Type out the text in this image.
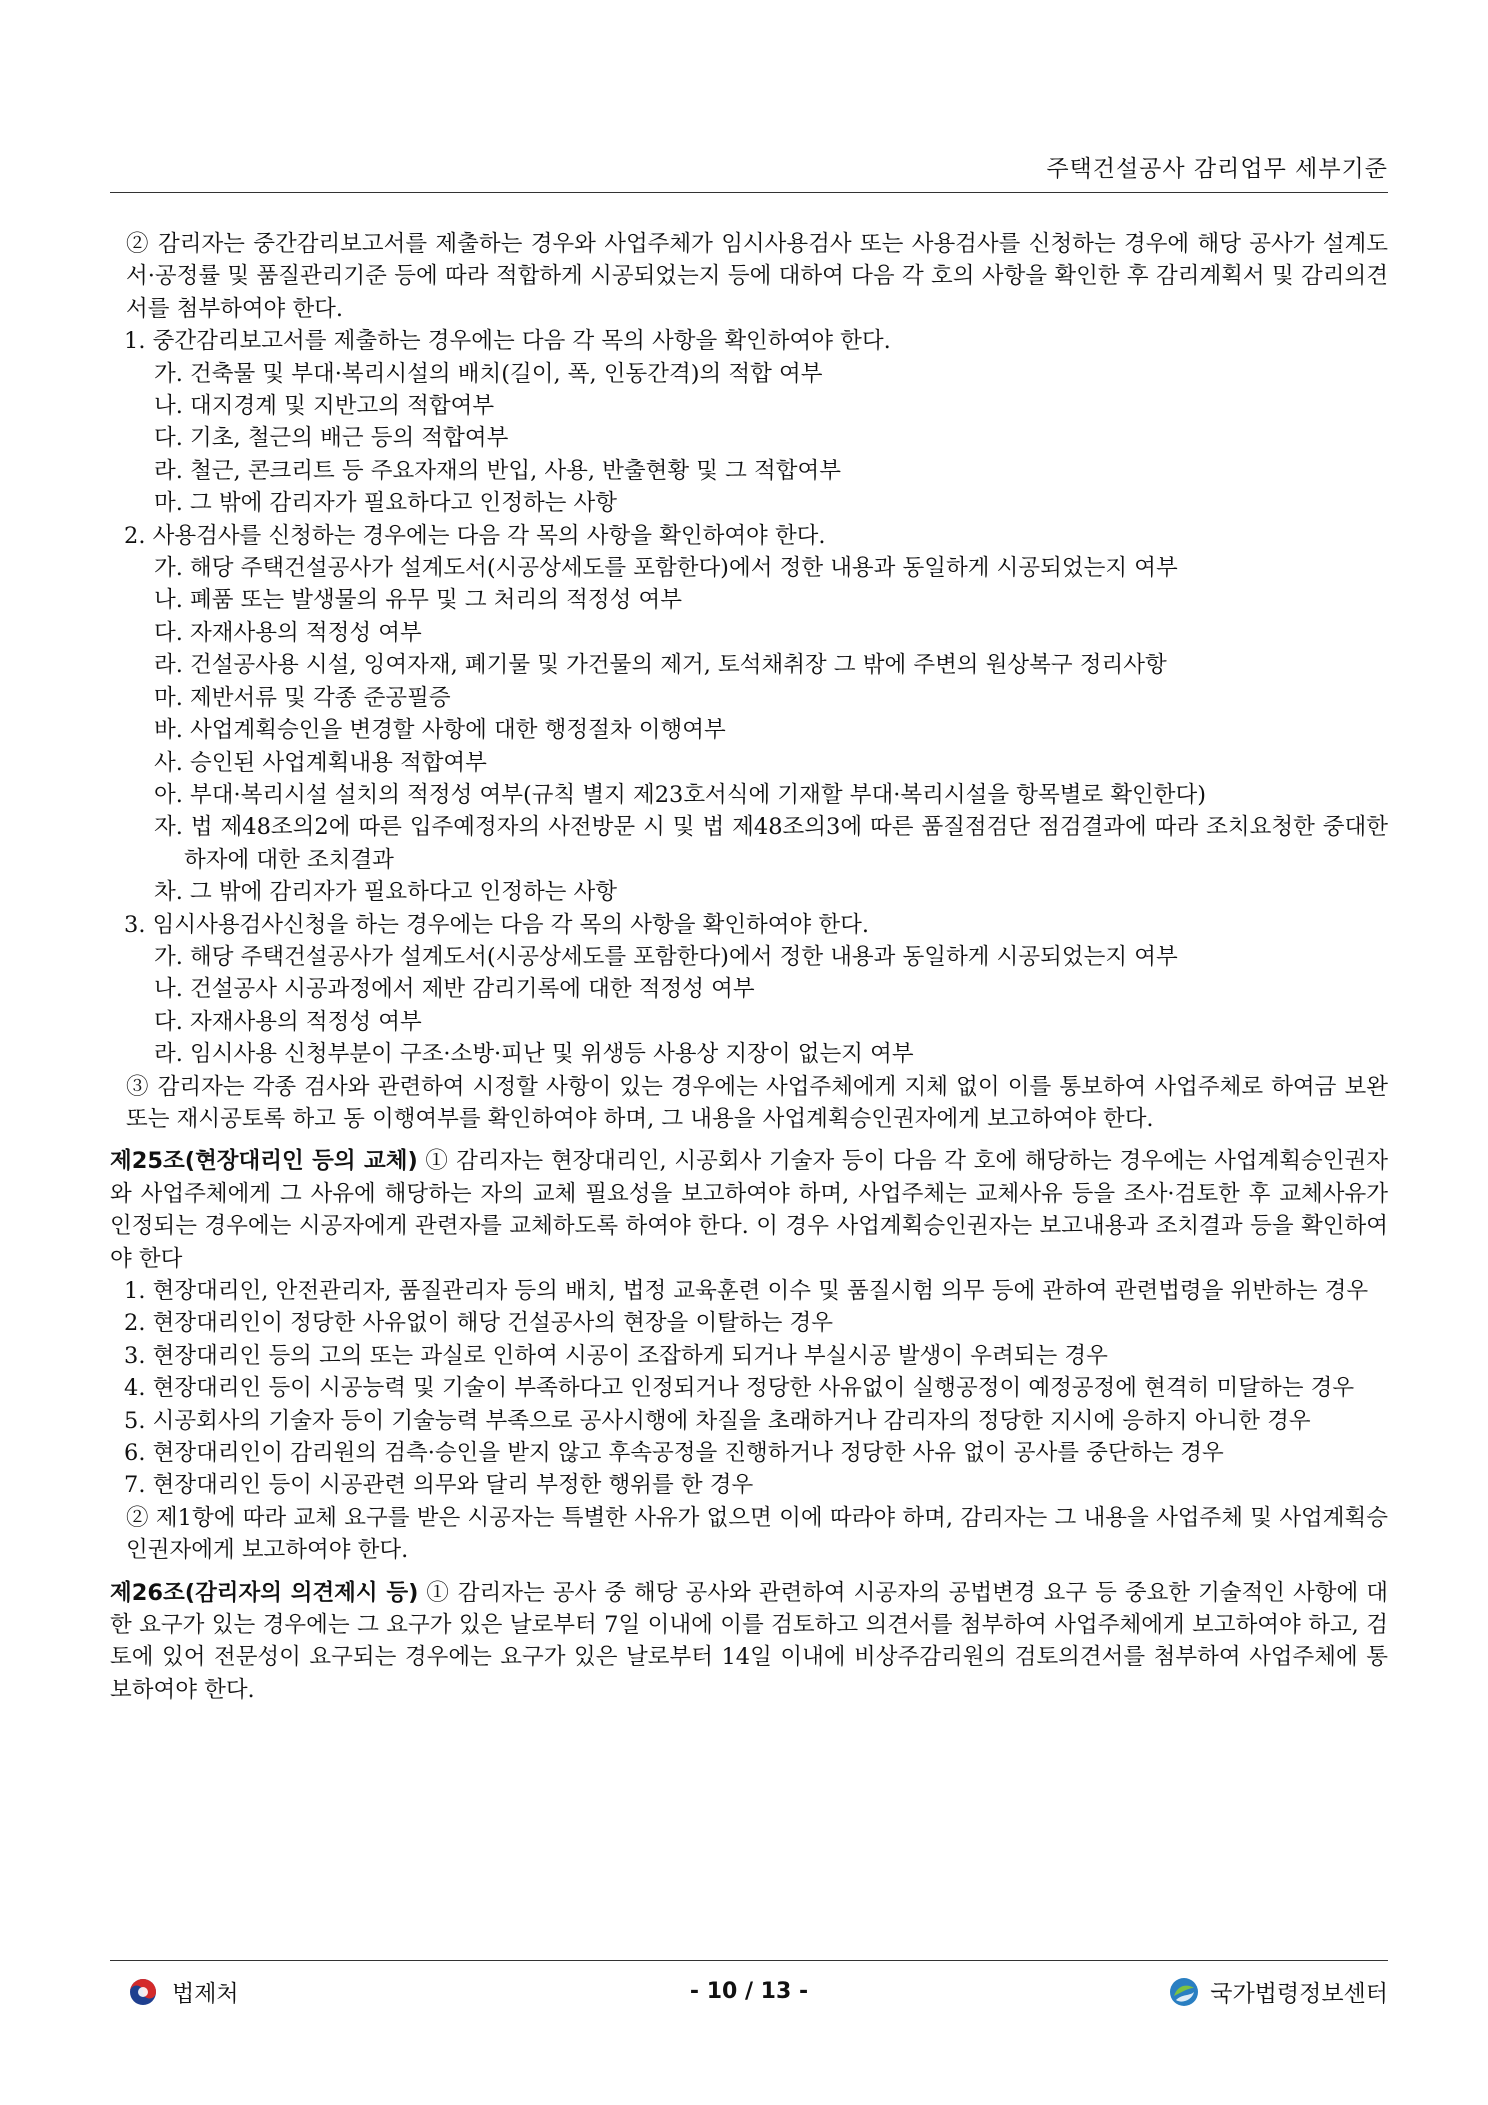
주택건설공사 감리업무 세부기준

② 감리자는 중간감리보고서를 제출하는 경우와 사업주체가 임시사용검사 또는 사용검사를 신청하는 경우에 해당 공사가 설계도서·공정률 및 품질관리기준 등에 따라 적합하게 시공되었는지 등에 대하여 다음 각 호의 사항을 확인한 후 감리계획서 및 감리의견서를 첨부하여야 한다.

1. 중간감리보고서를 제출하는 경우에는 다음 각 목의 사항을 확인하여야 한다.

가. 건축물 및 부대·복리시설의 배치(길이, 폭, 인동간격)의 적합 여부

나. 대지경계 및 지반고의 적합여부

다. 기초, 철근의 배근 등의 적합여부

라. 철근, 콘크리트 등 주요자재의 반입, 사용, 반출현황 및 그 적합여부

마. 그 밖에 감리자가 필요하다고 인정하는 사항

2. 사용검사를 신청하는 경우에는 다음 각 목의 사항을 확인하여야 한다.

가. 해당 주택건설공사가 설계도서(시공상세도를 포함한다)에서 정한 내용과 동일하게 시공되었는지 여부

나. 폐품 또는 발생물의 유무 및 그 처리의 적정성 여부

다. 자재사용의 적정성 여부

라. 건설공사용 시설, 잉여자재, 폐기물 및 가건물의 제거, 토석채취장 그 밖에 주변의 원상복구 정리사항

마. 제반서류 및 각종 준공필증

바. 사업계획승인을 변경할 사항에 대한 행정절차 이행여부

사. 승인된 사업계획내용 적합여부

아. 부대·복리시설 설치의 적정성 여부(규칙 별지 제23호서식에 기재할 부대·복리시설을 항목별로 확인한다)

자. 법 제48조의2에 따른 입주예정자의 사전방문 시 및 법 제48조의3에 따른 품질점검단 점검결과에 따라 조치요청한 중대한 하자에 대한 조치결과

차. 그 밖에 감리자가 필요하다고 인정하는 사항

3. 임시사용검사신청을 하는 경우에는 다음 각 목의 사항을 확인하여야 한다.

가. 해당 주택건설공사가 설계도서(시공상세도를 포함한다)에서 정한 내용과 동일하게 시공되었는지 여부

나. 건설공사 시공과정에서 제반 감리기록에 대한 적정성 여부

다. 자재사용의 적정성 여부

라. 임시사용 신청부분이 구조·소방·피난 및 위생등 사용상 지장이 없는지 여부

③ 감리자는 각종 검사와 관련하여 시정할 사항이 있는 경우에는 사업주체에게 지체 없이 이를 통보하여 사업주체로 하여금 보완 또는 재시공토록 하고 동 이행여부를 확인하여야 하며, 그 내용을 사업계획승인권자에게 보고하여야 한다.

제25조(현장대리인 등의 교체) ① 감리자는 현장대리인, 시공회사 기술자 등이 다음 각 호에 해당하는 경우에는 사업계획승인권자와 사업주체에게 그 사유에 해당하는 자의 교체 필요성을 보고하여야 하며, 사업주체는 교체사유 등을 조사·검토한 후 교체사유가 인정되는 경우에는 시공자에게 관련자를 교체하도록 하여야 한다. 이 경우 사업계획승인권자는 보고내용과 조치결과 등을 확인하여야 한다

1. 현장대리인, 안전관리자, 품질관리자 등의 배치, 법정 교육훈련 이수 및 품질시험 의무 등에 관하여 관련법령을 위반하는 경우

2. 현장대리인이 정당한 사유없이 해당 건설공사의 현장을 이탈하는 경우

3. 현장대리인 등의 고의 또는 과실로 인하여 시공이 조잡하게 되거나 부실시공 발생이 우려되는 경우

4. 현장대리인 등이 시공능력 및 기술이 부족하다고 인정되거나 정당한 사유없이 실행공정이 예정공정에 현격히 미달하는 경우

5. 시공회사의 기술자 등이 기술능력 부족으로 공사시행에 차질을 초래하거나 감리자의 정당한 지시에 응하지 아니한 경우

6. 현장대리인이 감리원의 검측·승인을 받지 않고 후속공정을 진행하거나 정당한 사유 없이 공사를 중단하는 경우

7. 현장대리인 등이 시공관련 의무와 달리 부정한 행위를 한 경우

② 제1항에 따라 교체 요구를 받은 시공자는 특별한 사유가 없으면 이에 따라야 하며, 감리자는 그 내용을 사업주체 및 사업계획승인권자에게 보고하여야 한다.

제26조(감리자의 의견제시 등) ① 감리자는 공사 중 해당 공사와 관련하여 시공자의 공법변경 요구 등 중요한 기술적인 사항에 대한 요구가 있는 경우에는 그 요구가 있은 날로부터 7일 이내에 이를 검토하고 의견서를 첨부하여 사업주체에게 보고하여야 하고, 검토에 있어 전문성이 요구되는 경우에는 요구가 있은 날로부터 14일 이내에 비상주감리원의 검토의견서를 첨부하여 사업주체에 통보하여야 한다.

법제처	- 10 / 13 -	국가법령정보센터
